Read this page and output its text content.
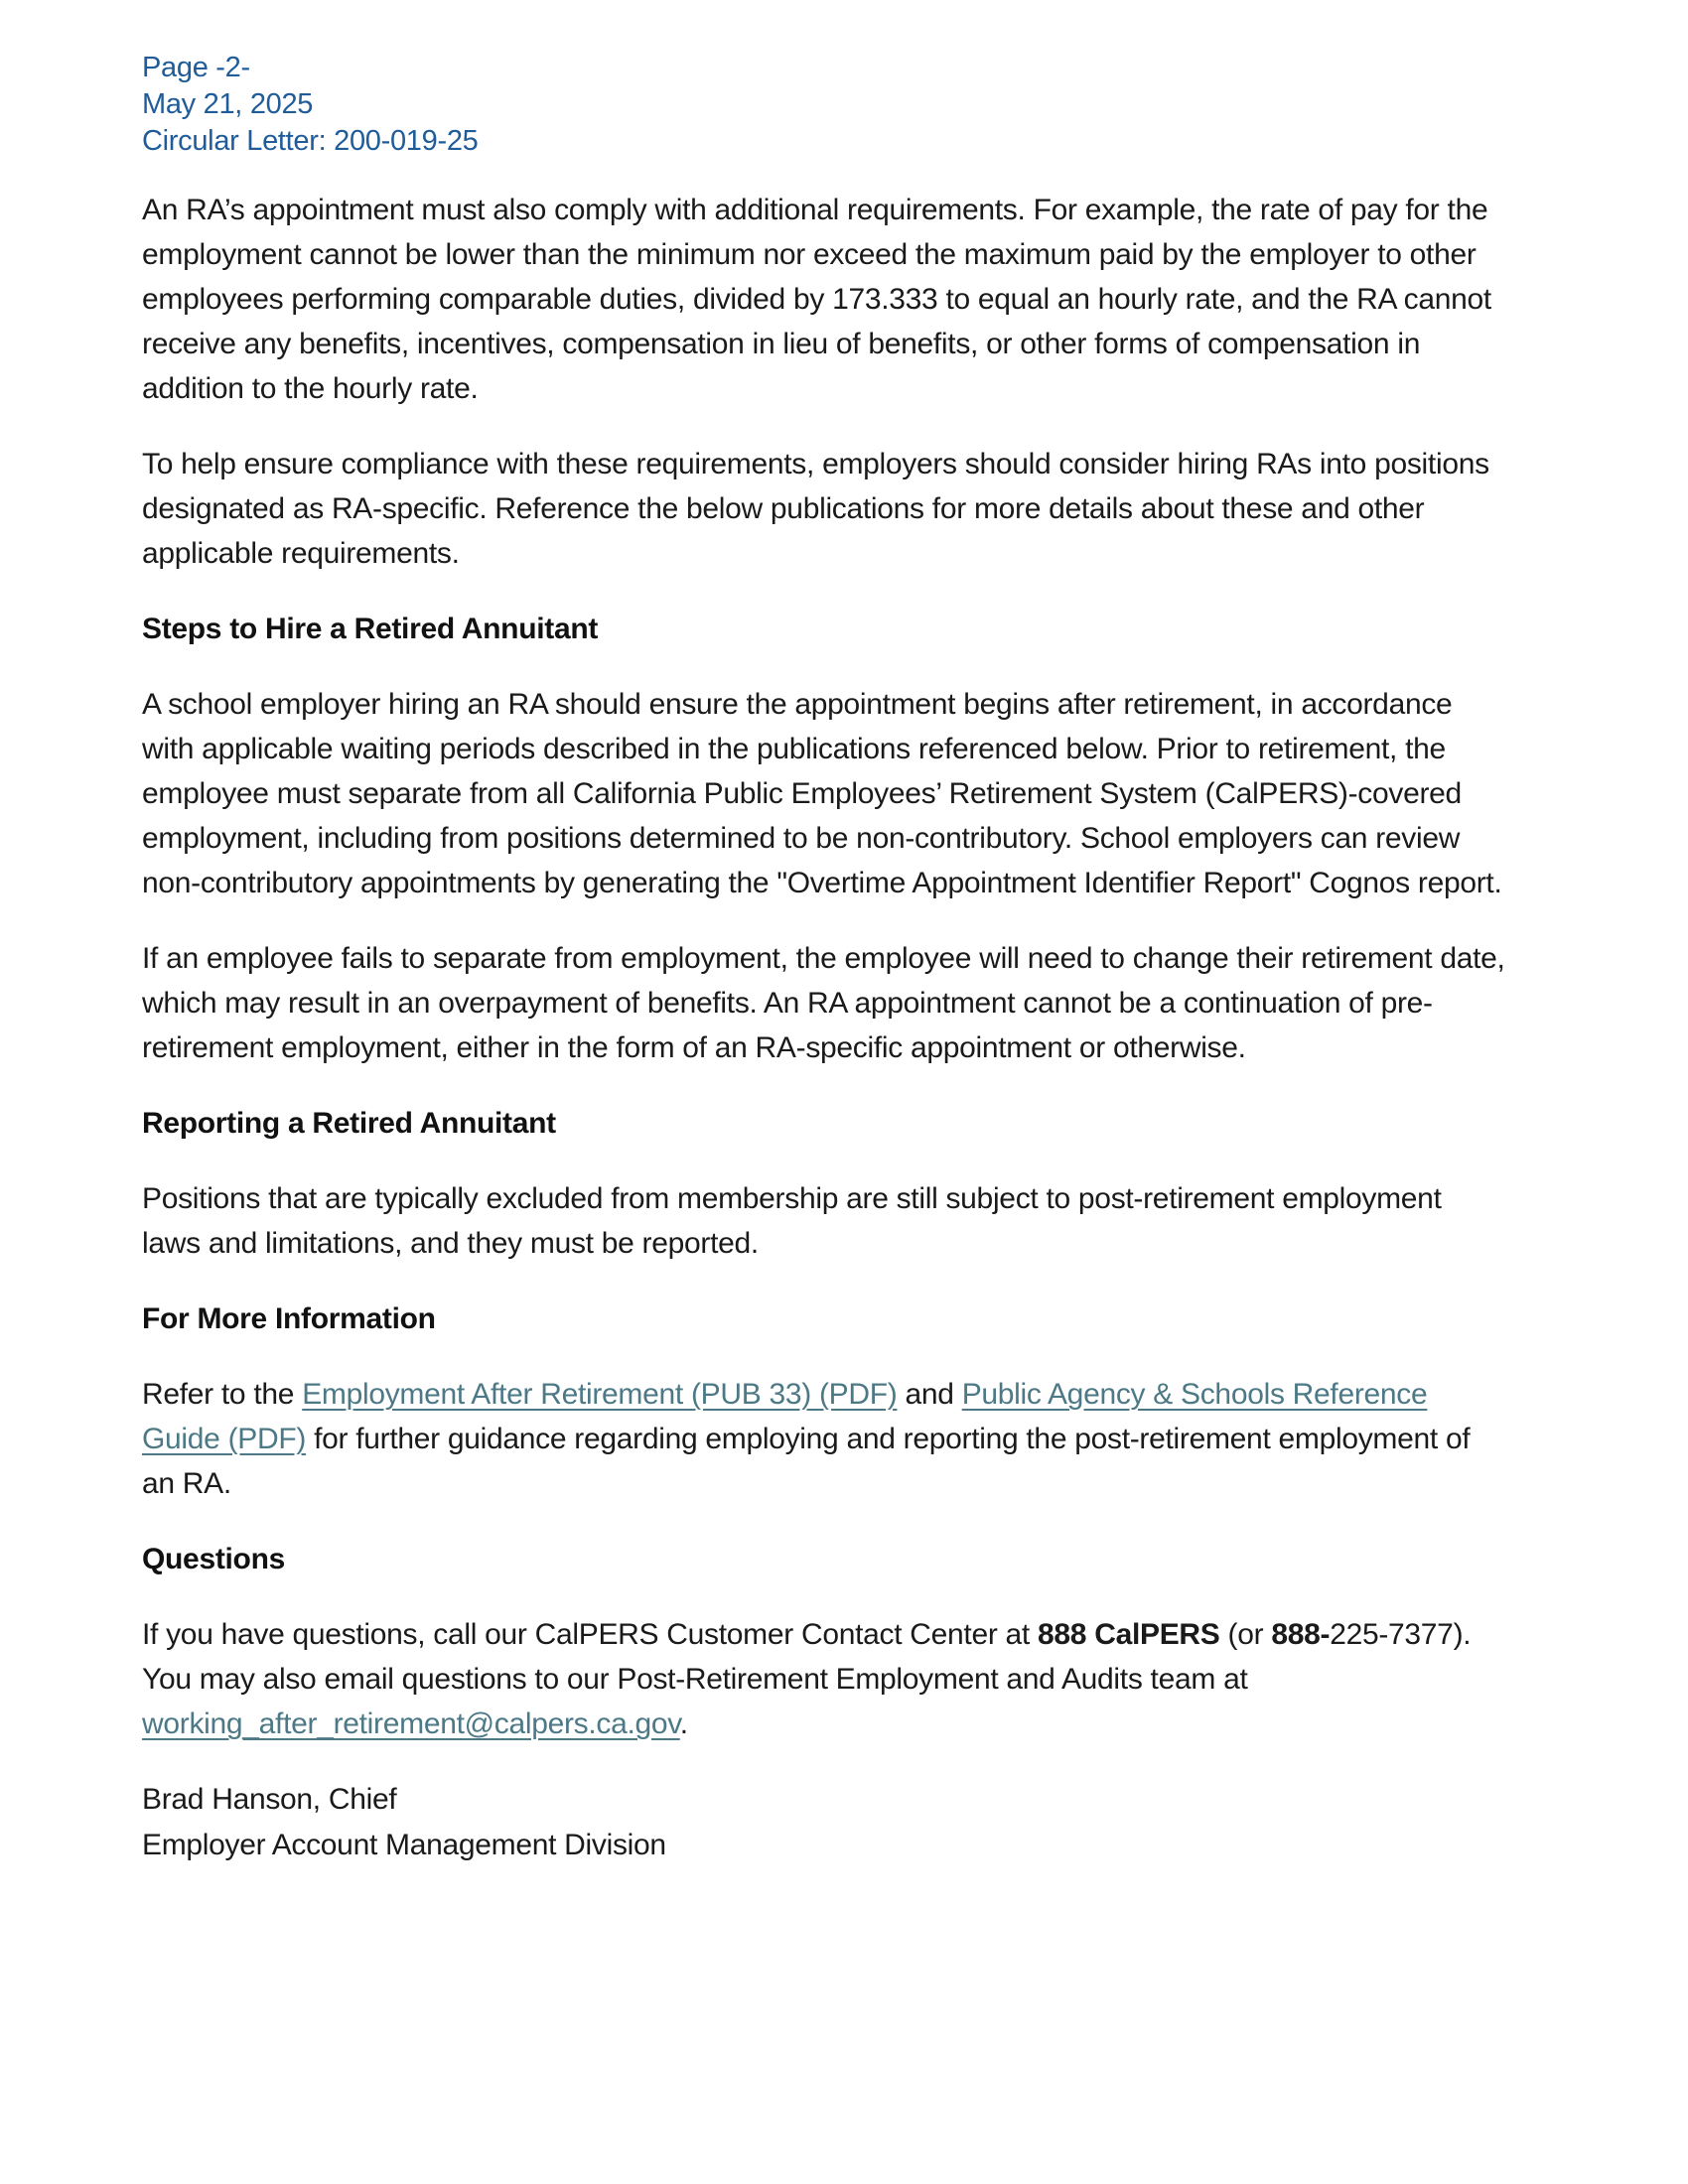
Page -2-
May 21, 2025
Circular Letter: 200-019-25

An RA’s appointment must also comply with additional requirements. For example, the rate of pay for the employment cannot be lower than the minimum nor exceed the maximum paid by the employer to other employees performing comparable duties, divided by 173.333 to equal an hourly rate, and the RA cannot receive any benefits, incentives, compensation in lieu of benefits, or other forms of compensation in addition to the hourly rate.

To help ensure compliance with these requirements, employers should consider hiring RAs into positions designated as RA-specific. Reference the below publications for more details about these and other applicable requirements.

Steps to Hire a Retired Annuitant

A school employer hiring an RA should ensure the appointment begins after retirement, in accordance with applicable waiting periods described in the publications referenced below. Prior to retirement, the employee must separate from all California Public Employees’ Retirement System (CalPERS)-covered employment, including from positions determined to be non-contributory. School employers can review non-contributory appointments by generating the "Overtime Appointment Identifier Report" Cognos report.

If an employee fails to separate from employment, the employee will need to change their retirement date, which may result in an overpayment of benefits. An RA appointment cannot be a continuation of pre-retirement employment, either in the form of an RA-specific appointment or otherwise.

Reporting a Retired Annuitant

Positions that are typically excluded from membership are still subject to post-retirement employment laws and limitations, and they must be reported.

For More Information

Refer to the Employment After Retirement (PUB 33) (PDF) and Public Agency & Schools Reference Guide (PDF) for further guidance regarding employing and reporting the post-retirement employment of an RA.

Questions

If you have questions, call our CalPERS Customer Contact Center at 888 CalPERS (or 888-225-7377). You may also email questions to our Post-Retirement Employment and Audits team at working_after_retirement@calpers.ca.gov.

Brad Hanson, Chief
Employer Account Management Division
